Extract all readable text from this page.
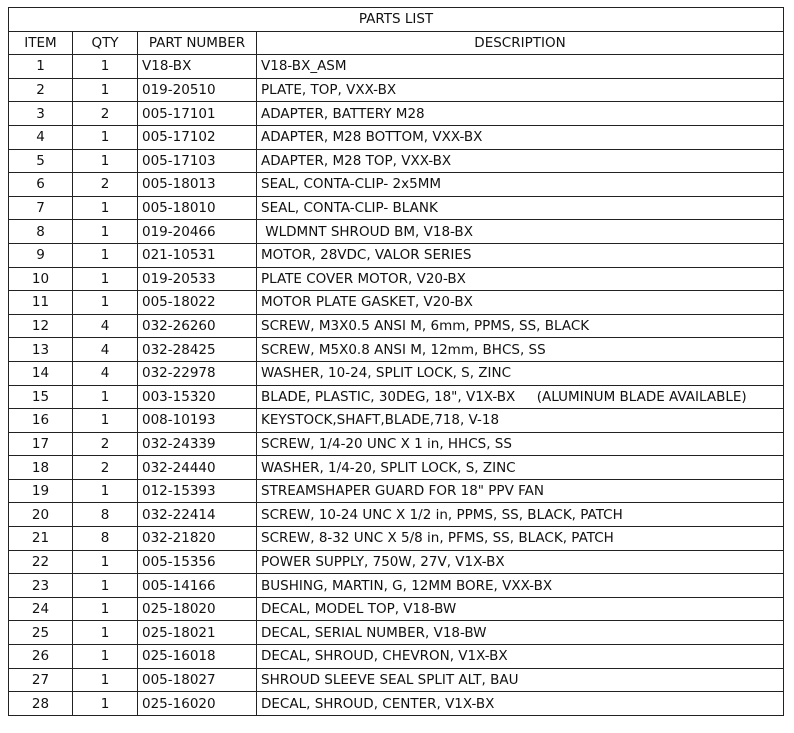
PARTS LIST			
ITEM	QTY	PART NUMBER	DESCRIPTION
1	1	V18-BX	V18-BX_ASM
2	1	019-20510	PLATE, TOP, VXX-BX
3	2	005-17101	ADAPTER, BATTERY M28
4	1	005-17102	ADAPTER, M28 BOTTOM, VXX-BX
5	1	005-17103	ADAPTER, M28 TOP, VXX-BX
6	2	005-18013	SEAL, CONTA-CLIP- 2x5MM
7	1	005-18010	SEAL, CONTA-CLIP- BLANK
8	1	019-20466	WLDMNT SHROUD BM, V18-BX
9	1	021-10531	MOTOR, 28VDC, VALOR SERIES
10	1	019-20533	PLATE COVER MOTOR, V20-BX
11	1	005-18022	MOTOR PLATE GASKET, V20-BX
12	4	032-26260	SCREW, M3X0.5 ANSI M, 6mm, PPMS, SS, BLACK
13	4	032-28425	SCREW, M5X0.8 ANSI M, 12mm, BHCS, SS
14	4	032-22978	WASHER, 10-24, SPLIT LOCK, S, ZINC
15	1	003-15320	BLADE, PLASTIC, 30DEG, 18", V1X-BX     (ALUMINUM BLADE AVAILABLE)
16	1	008-10193	KEYSTOCK,SHAFT,BLADE,718, V-18
17	2	032-24339	SCREW, 1/4-20 UNC X 1 in, HHCS, SS
18	2	032-24440	WASHER, 1/4-20, SPLIT LOCK, S, ZINC
19	1	012-15393	STREAMSHAPER GUARD FOR 18" PPV FAN
20	8	032-22414	SCREW, 10-24 UNC X 1/2 in, PPMS, SS, BLACK, PATCH
21	8	032-21820	SCREW, 8-32 UNC X 5/8 in, PFMS, SS, BLACK, PATCH
22	1	005-15356	POWER SUPPLY, 750W, 27V, V1X-BX
23	1	005-14166	BUSHING, MARTIN, G, 12MM BORE, VXX-BX
24	1	025-18020	DECAL, MODEL TOP, V18-BW
25	1	025-18021	DECAL, SERIAL NUMBER, V18-BW
26	1	025-16018	DECAL, SHROUD, CHEVRON, V1X-BX
27	1	005-18027	SHROUD SLEEVE SEAL SPLIT ALT, BAU
28	1	025-16020	DECAL, SHROUD, CENTER, V1X-BX
